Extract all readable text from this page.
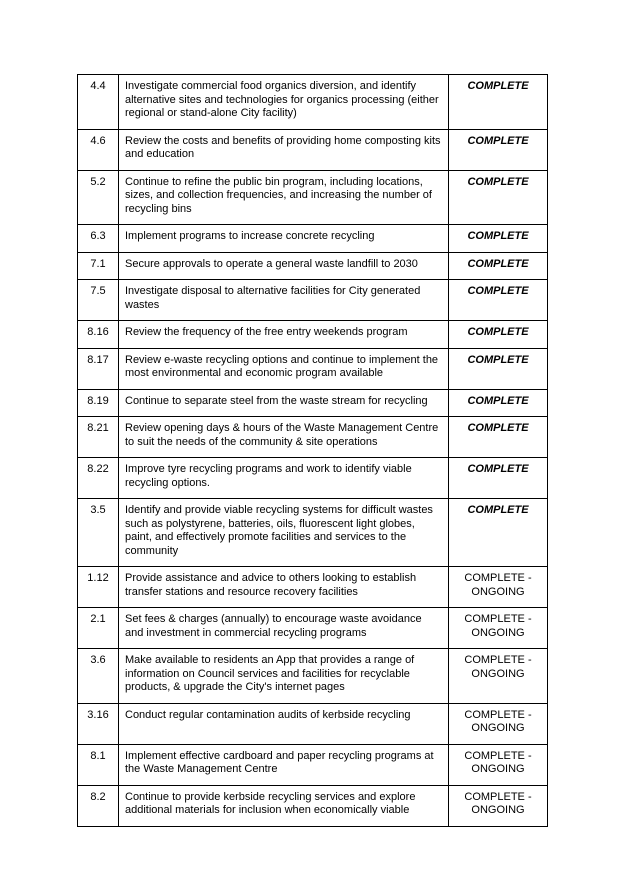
4.4	Investigate commercial food organics diversion, and identify alternative sites and technologies for organics processing (either regional or stand-alone City facility)	COMPLETE
4.6	Review the costs and benefits of providing home composting kits and education	COMPLETE
5.2	Continue to refine the public bin program, including locations, sizes, and collection frequencies, and increasing the number of recycling bins	COMPLETE
6.3	Implement programs to increase concrete recycling	COMPLETE
7.1	Secure approvals to operate a general waste landfill to 2030	COMPLETE
7.5	Investigate disposal to alternative facilities for City generated wastes	COMPLETE
8.16	Review the frequency of the free entry weekends program	COMPLETE
8.17	Review e-waste recycling options and continue to implement the most environmental and economic program available	COMPLETE
8.19	Continue to separate steel from the waste stream for recycling	COMPLETE
8.21	Review opening days & hours of the Waste Management Centre to suit the needs of the community & site operations	COMPLETE
8.22	Improve tyre recycling programs and work to identify viable recycling options.	COMPLETE
3.5	Identify and provide viable recycling systems for difficult wastes such as polystyrene, batteries, oils, fluorescent light globes, paint, and effectively promote facilities and services to the community	COMPLETE
1.12	Provide assistance and advice to others looking to establish transfer stations and resource recovery facilities	COMPLETE - ONGOING
2.1	Set fees & charges (annually) to encourage waste avoidance and investment in commercial recycling programs	COMPLETE - ONGOING
3.6	Make available to residents an App that provides a range of information on Council services and facilities for recyclable products, & upgrade the City's internet pages	COMPLETE - ONGOING
3.16	Conduct regular contamination audits of kerbside recycling	COMPLETE - ONGOING
8.1	Implement effective cardboard and paper recycling programs at the Waste Management Centre	COMPLETE - ONGOING
8.2	Continue to provide kerbside recycling services and explore additional materials for inclusion when economically viable	COMPLETE - ONGOING
